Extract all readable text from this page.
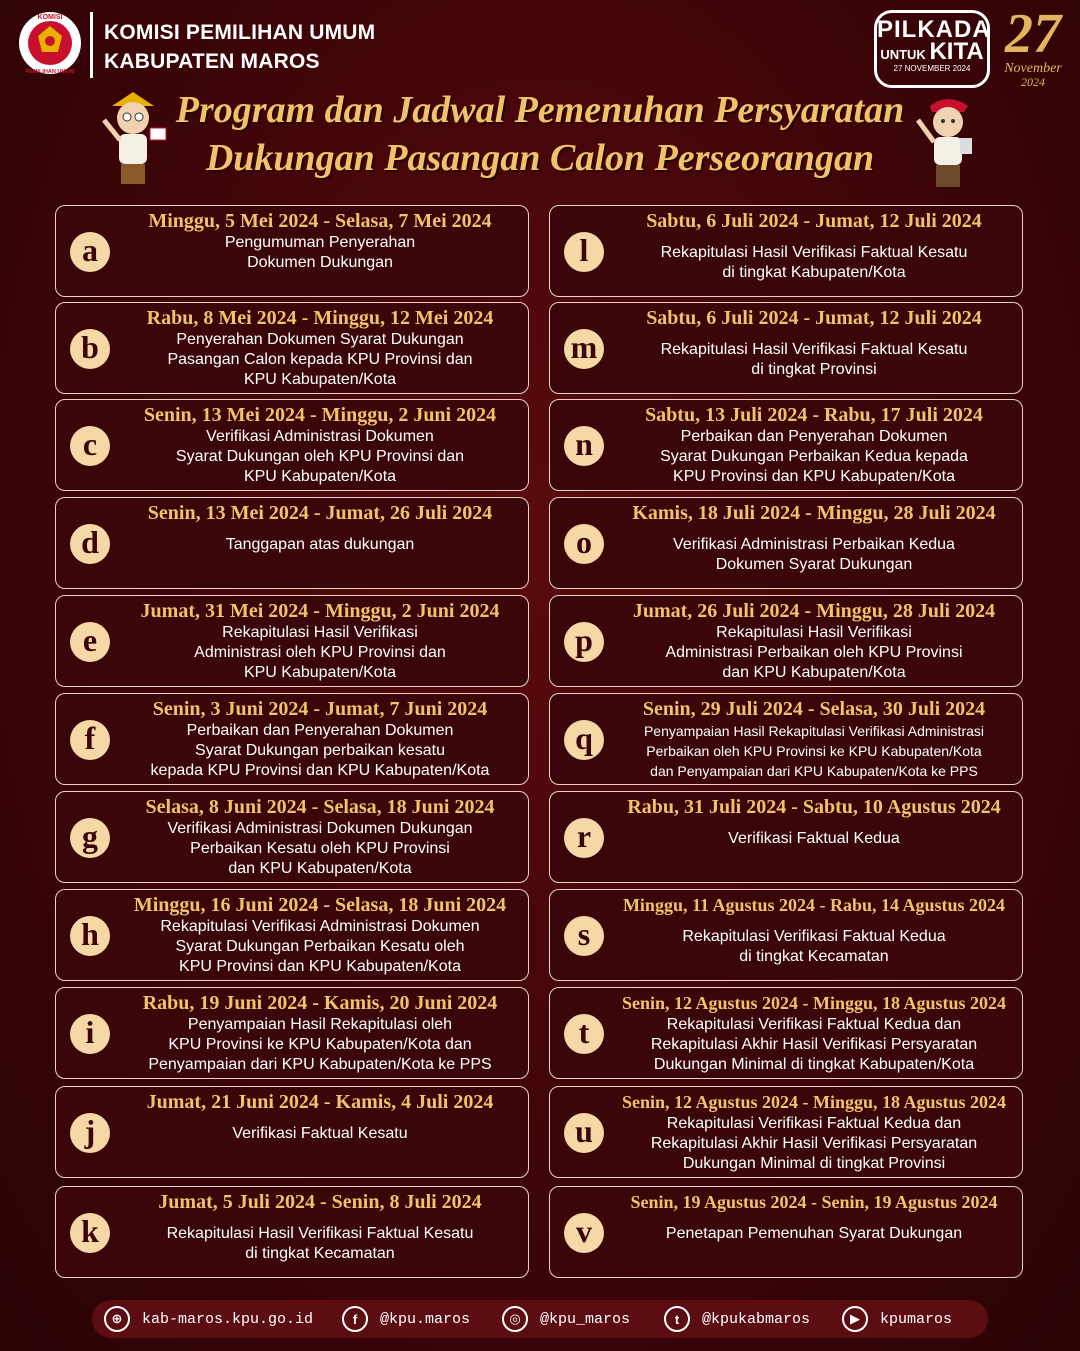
KOMISI
PEMILIHAN UMUM
KOMISI PEMILIHAN UMUM
KABUPATEN MAROS
PILKADA
UNTUK KITA
27 NOVEMBER 2024
27
November
2024
Program dan Jadwal Pemenuhan Persyaratan
Dukungan Pasangan Calon Perseorangan
a
Minggu, 5 Mei 2024 - Selasa, 7 Mei 2024
Pengumuman Penyerahan
Dokumen Dukungan
b
Rabu, 8 Mei 2024 - Minggu, 12 Mei 2024
Penyerahan Dokumen Syarat Dukungan
Pasangan Calon kepada KPU Provinsi dan
KPU Kabupaten/Kota
c
Senin, 13 Mei 2024 - Minggu, 2 Juni 2024
Verifikasi Administrasi Dokumen
Syarat Dukungan oleh KPU Provinsi dan
KPU Kabupaten/Kota
d
Senin, 13 Mei 2024 - Jumat, 26 Juli 2024
Tanggapan atas dukungan
e
Jumat, 31 Mei 2024 - Minggu, 2 Juni 2024
Rekapitulasi Hasil Verifikasi
Administrasi oleh KPU Provinsi dan
KPU Kabupaten/Kota
f
Senin, 3 Juni 2024 - Jumat, 7 Juni 2024
Perbaikan dan Penyerahan Dokumen
Syarat Dukungan perbaikan kesatu
kepada KPU Provinsi dan KPU Kabupaten/Kota
g
Selasa, 8 Juni 2024 - Selasa, 18 Juni 2024
Verifikasi Administrasi Dokumen Dukungan
Perbaikan Kesatu oleh KPU Provinsi
dan KPU Kabupaten/Kota
h
Minggu, 16 Juni 2024 - Selasa, 18 Juni 2024
Rekapitulasi Verifikasi Administrasi Dokumen
Syarat Dukungan Perbaikan Kesatu oleh
KPU Provinsi dan KPU Kabupaten/Kota
i
Rabu, 19 Juni 2024 - Kamis, 20 Juni 2024
Penyampaian Hasil Rekapitulasi oleh
KPU Provinsi ke KPU Kabupaten/Kota dan
Penyampaian dari KPU Kabupaten/Kota ke PPS
j
Jumat, 21 Juni 2024 - Kamis, 4 Juli 2024
Verifikasi Faktual Kesatu
k
Jumat, 5 Juli 2024 - Senin, 8 Juli 2024
Rekapitulasi Hasil Verifikasi Faktual Kesatu
di tingkat Kecamatan
l
Sabtu, 6 Juli 2024 - Jumat, 12 Juli 2024
Rekapitulasi Hasil Verifikasi Faktual Kesatu
di tingkat Kabupaten/Kota
m
Sabtu, 6 Juli 2024 - Jumat, 12 Juli 2024
Rekapitulasi Hasil Verifikasi Faktual Kesatu
di tingkat Provinsi
n
Sabtu, 13 Juli 2024 - Rabu, 17 Juli 2024
Perbaikan dan Penyerahan Dokumen
Syarat Dukungan Perbaikan Kedua kepada
KPU Provinsi dan KPU Kabupaten/Kota
o
Kamis, 18 Juli 2024 - Minggu, 28 Juli 2024
Verifikasi Administrasi Perbaikan Kedua
Dokumen Syarat Dukungan
p
Jumat, 26 Juli 2024 - Minggu, 28 Juli 2024
Rekapitulasi Hasil Verifikasi
Administrasi Perbaikan oleh KPU Provinsi
dan KPU Kabupaten/Kota
q
Senin, 29 Juli 2024 - Selasa, 30 Juli 2024
Penyampaian Hasil Rekapitulasi Verifikasi Administrasi
Perbaikan oleh KPU Provinsi ke KPU Kabupaten/Kota
dan Penyampaian dari KPU Kabupaten/Kota ke PPS
r
Rabu, 31 Juli 2024 - Sabtu, 10 Agustus 2024
Verifikasi Faktual Kedua
s
Minggu, 11 Agustus 2024 - Rabu, 14 Agustus 2024
Rekapitulasi Verifikasi Faktual Kedua
di tingkat Kecamatan
t
Senin, 12 Agustus 2024 - Minggu, 18 Agustus 2024
Rekapitulasi Verifikasi Faktual Kedua dan
Rekapitulasi Akhir Hasil Verifikasi Persyaratan
Dukungan Minimal di tingkat Kabupaten/Kota
u
Senin, 12 Agustus 2024 - Minggu, 18 Agustus 2024
Rekapitulasi Verifikasi Faktual Kedua dan
Rekapitulasi Akhir Hasil Verifikasi Persyaratan
Dukungan Minimal di tingkat Provinsi
v
Senin, 19 Agustus 2024 - Senin, 19 Agustus 2024
Penetapan Pemenuhan Syarat Dukungan
⊕	kab-maros.kpu.go.id	f	@kpu.maros	◎	@kpu_maros	t	@kpukabmaros	▶	kpumaros
